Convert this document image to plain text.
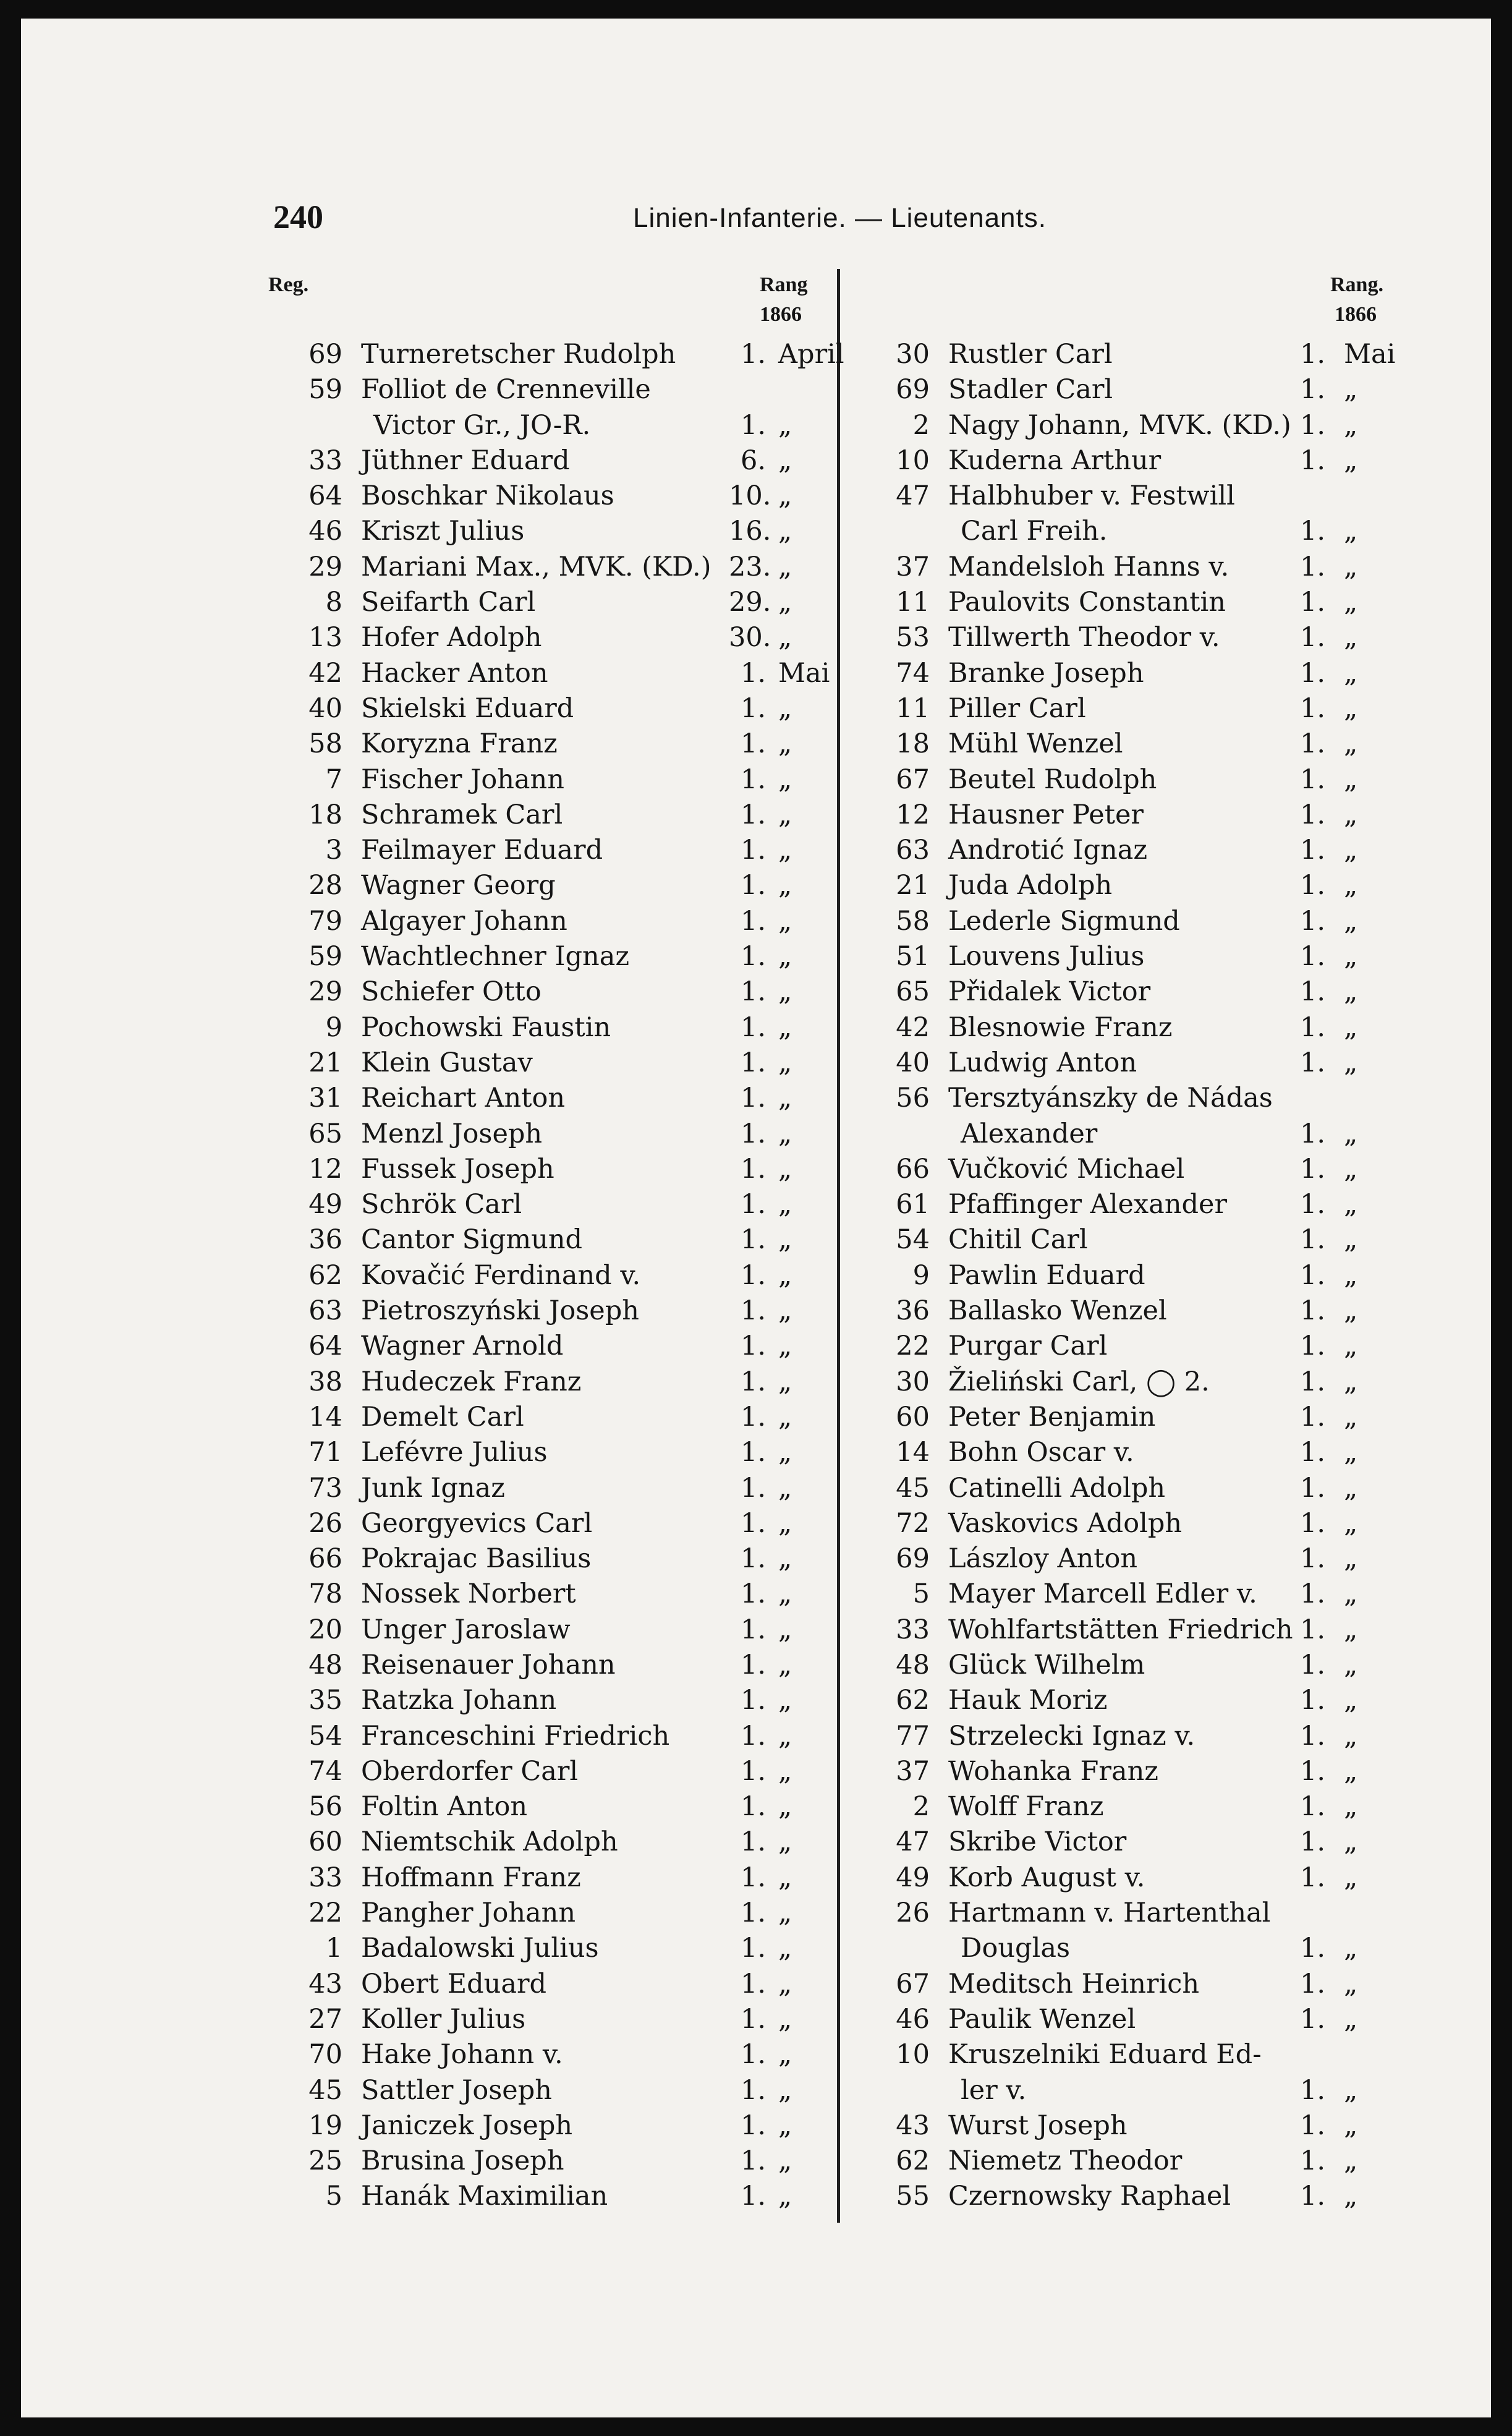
240	Linien-Infanterie. — Lieutenants.
Reg.	Rang
1866
Rang.
1866
69 Turneretscher Rudolph	1. April
59 Folliot de Crenneville
Victor Gr., JO-R.	1. „
33 Jüthner Eduard	6. „
64 Boschkar Nikolaus	10. „
46 Kriszt Julius	16. „
29 Mariani Max., MVK. (KD.) 23. „
8 Seifarth Carl	29. „
13 Hofer Adolph	30. „
42 Hacker Anton	1. Mai
40 Skielski Eduard	1. „
58 Koryzna Franz	1. „
7 Fischer Johann	1. „
18 Schramek Carl	1. „
3 Feilmayer Eduard	1. „
28 Wagner Georg	1. „
79 Algayer Johann	1. „
59 Wachtlechner Ignaz	1. „
29 Schiefer Otto	1. „
9 Pochowski Faustin	1. „
21 Klein Gustav	1. „
31 Reichart Anton	1. „
65 Menzl Joseph	1. „
12 Fussek Joseph	1. „
49 Schrök Carl	1. „
36 Cantor Sigmund	1. „
62 Kovačić Ferdinand v.	1. „
63 Pietroszyński Joseph	1. „
64 Wagner Arnold	1. „
38 Hudeczek Franz	1. „
14 Demelt Carl	1. „
71 Lefévre Julius	1. „
73 Junk Ignaz	1. „
26 Georgyevics Carl	1. „
66 Pokrajac Basilius	1. „
78 Nossek Norbert	1. „
20 Unger Jaroslaw	1. „
48 Reisenauer Johann	1. „
35 Ratzka Johann	1. „
54 Franceschini Friedrich	1. „
74 Oberdorfer Carl	1. „
56 Foltin Anton	1. „
60 Niemtschik Adolph	1. „
33 Hoffmann Franz	1. „
22 Pangher Johann	1. „
1 Badalowski Julius	1. „
43 Obert Eduard	1. „
27 Koller Julius	1. „
70 Hake Johann v.	1. „
45 Sattler Joseph	1. „
19 Janiczek Joseph	1. „
25 Brusina Joseph	1. „
5 Hanák Maximilian	1. „
30 Rustler Carl	1. Mai
69 Stadler Carl	1. „
2 Nagy Johann, MVK. (KD.) 1. „
10 Kuderna Arthur	1. „
47 Halbhuber v. Festwill
Carl Freih.	1. „
37 Mandelsloh Hanns v.	1. „
11 Paulovits Constantin	1. „
53 Tillwerth Theodor v.	1. „
74 Branke Joseph	1. „
11 Piller Carl	1. „
18 Mühl Wenzel	1. „
67 Beutel Rudolph	1. „
12 Hausner Peter	1. „
63 Androtić Ignaz	1. „
21 Juda Adolph	1. „
58 Lederle Sigmund	1. „
51 Louvens Julius	1. „
65 Přidalek Victor	1. „
42 Blesnowie Franz	1. „
40 Ludwig Anton	1. „
56 Tersztyánszky de Nádas
Alexander	1. „
66 Vučković Michael	1. „
61 Pfaffinger Alexander	1. „
54 Chitil Carl	1. „
9 Pawlin Eduard	1. „
36 Ballasko Wenzel	1. „
22 Purgar Carl	1. „
30 Žieliński Carl, ◯ 2.	1. „
60 Peter Benjamin	1. „
14 Bohn Oscar v.	1. „
45 Catinelli Adolph	1. „
72 Vaskovics Adolph	1. „
69 Lászloy Anton	1. „
5 Mayer Marcell Edler v.	1. „
33 Wohlfartstätten Friedrich 1. „
48 Glück Wilhelm	1. „
62 Hauk Moriz	1. „
77 Strzelecki Ignaz v.	1. „
37 Wohanka Franz	1. „
2 Wolff Franz	1. „
47 Skribe Victor	1. „
49 Korb August v.	1. „
26 Hartmann v. Hartenthal
Douglas	1. „
67 Meditsch Heinrich	1. „
46 Paulik Wenzel	1. „
10 Kruszelniki Eduard Ed-
ler v.	1. „
43 Wurst Joseph	1. „
62 Niemetz Theodor	1. „
55 Czernowsky Raphael	1. „
